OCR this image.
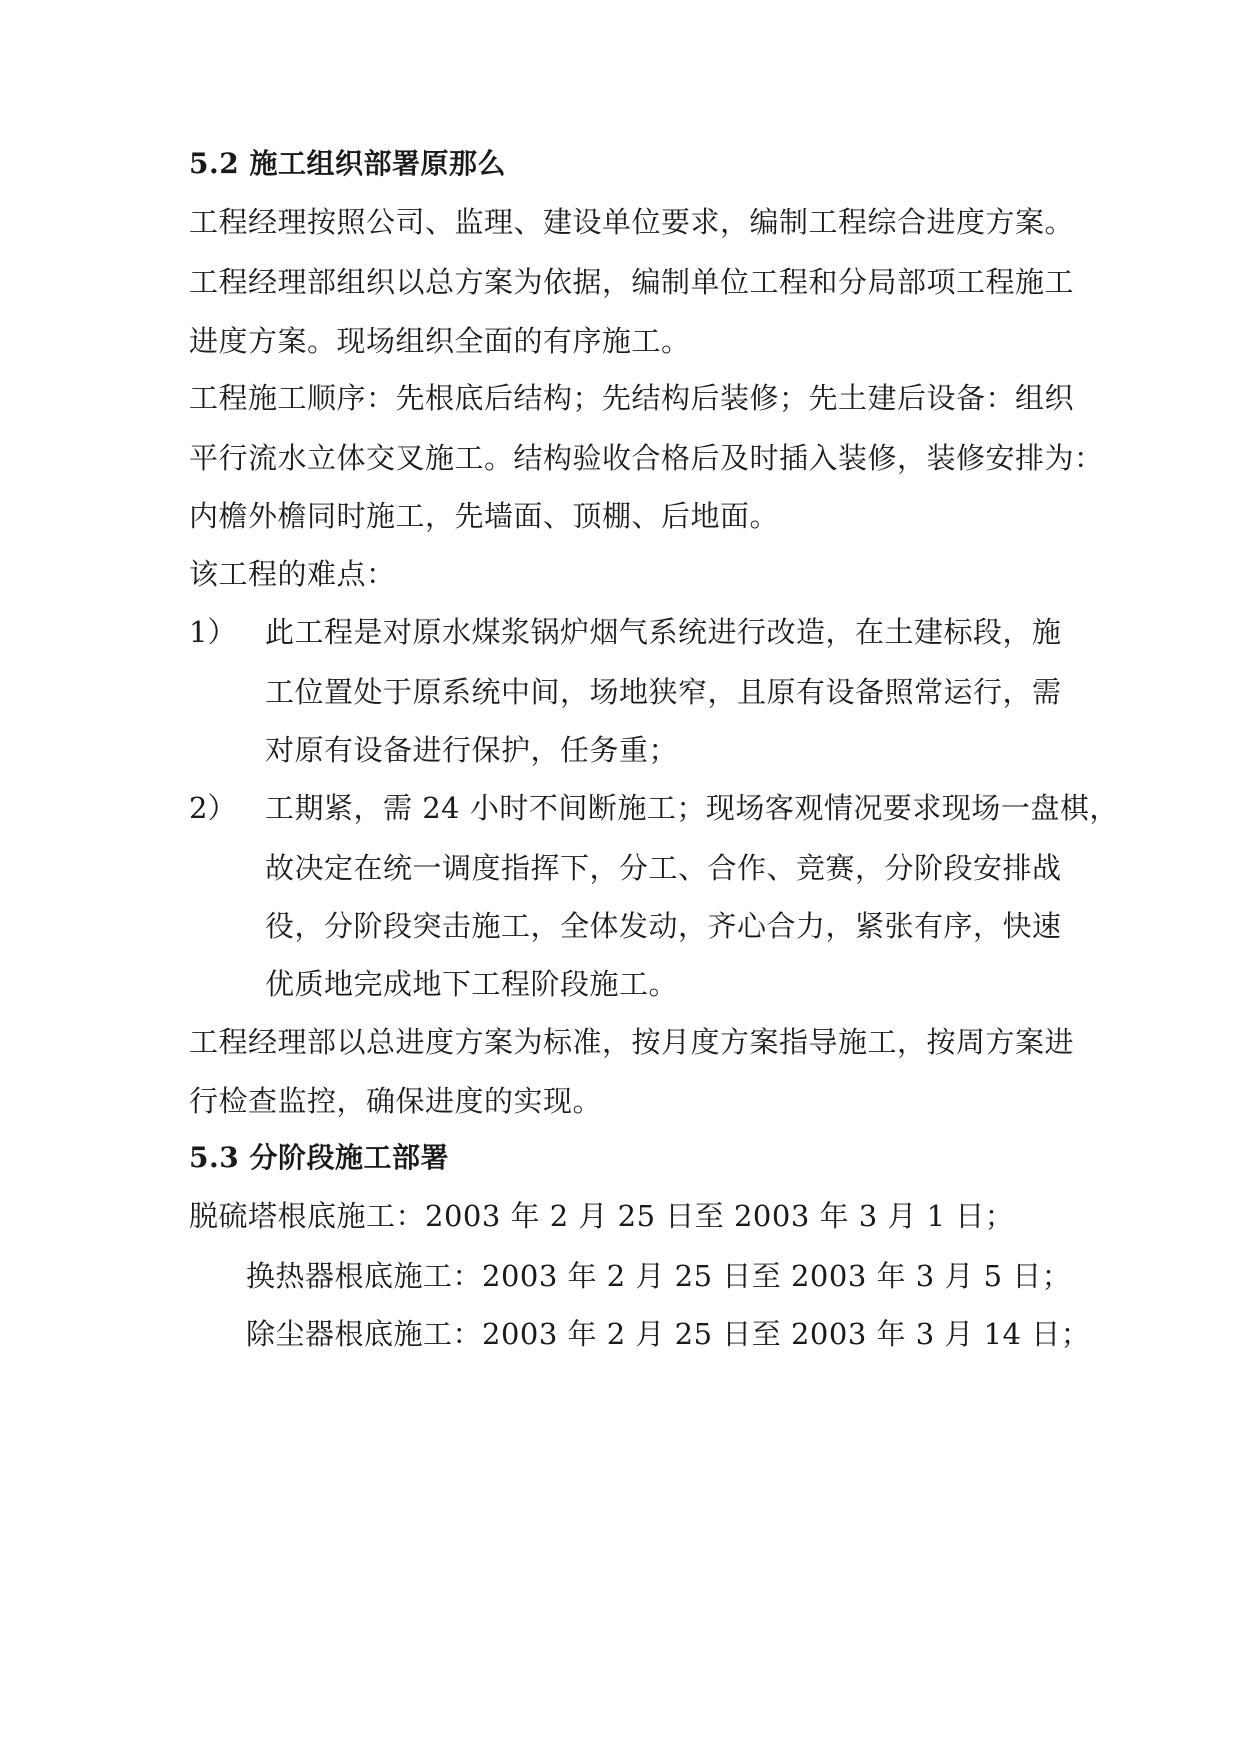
5.2 施工组织部署原那么
工程经理按照公司、监理、建设单位要求，编制工程综合进度方案。
工程经理部组织以总方案为依据，编制单位工程和分局部项工程施工
进度方案。现场组织全面的有序施工。
工程施工顺序：先根底后结构；先结构后装修；先土建后设备：组织
平行流水立体交叉施工。结构验收合格后及时插入装修，装修安排为：
内檐外檐同时施工，先墙面、顶棚、后地面。
该工程的难点：
1） 此工程是对原水煤浆锅炉烟气系统进行改造，在土建标段，施
工位置处于原系统中间，场地狭窄，且原有设备照常运行，需
对原有设备进行保护，任务重；
2） 工期紧，需 24 小时不间断施工；现场客观情况要求现场一盘棋，
故决定在统一调度指挥下，分工、合作、竞赛，分阶段安排战
役，分阶段突击施工，全体发动，齐心合力，紧张有序，快速
优质地完成地下工程阶段施工。
工程经理部以总进度方案为标准，按月度方案指导施工，按周方案进
行检查监控，确保进度的实现。
5.3 分阶段施工部署
脱硫塔根底施工：2003 年 2 月 25 日至 2003 年 3 月 1 日；
换热器根底施工：2003 年 2 月 25 日至 2003 年 3 月 5 日；
除尘器根底施工：2003 年 2 月 25 日至 2003 年 3 月 14 日；
